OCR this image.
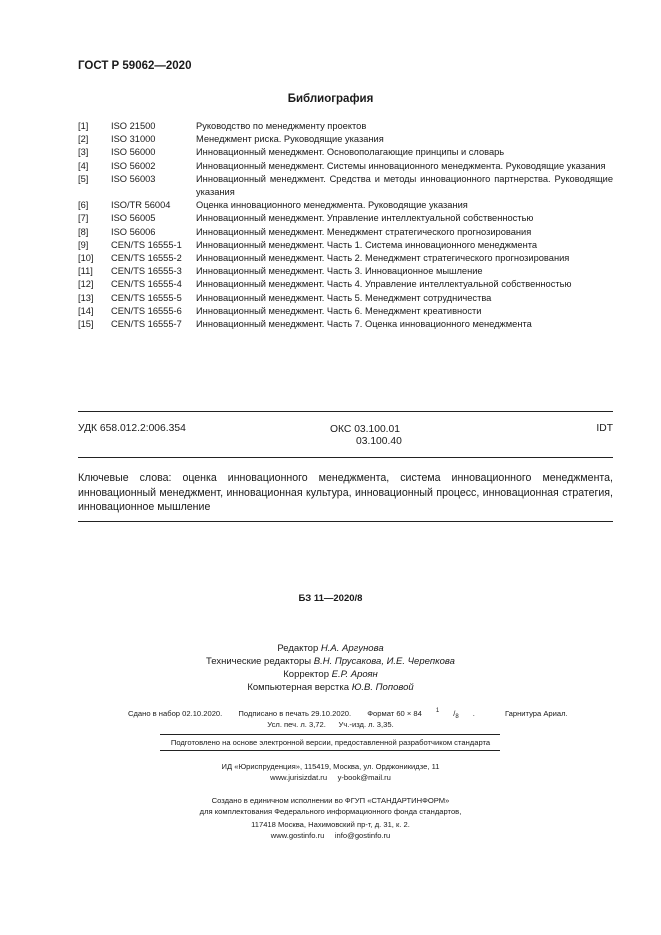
ГОСТ Р 59062—2020
Библиография
[1]	ISO 21500	Руководство по менеджменту проектов
[2]	ISO 31000	Менеджмент риска. Руководящие указания
[3]	ISO 56000	Инновационный менеджмент. Основополагающие принципы и словарь
[4]	ISO 56002	Инновационный менеджмент. Системы инновационного менеджмента. Руководящие указания
[5]	ISO 56003	Инновационный менеджмент. Средства и методы инновационного партнерства. Руководящие указания
[6]	ISO/TR 56004	Оценка инновационного менеджмента. Руководящие указания
[7]	ISO 56005	Инновационный менеджмент. Управление интеллектуальной собственностью
[8]	ISO 56006	Инновационный менеджмент. Менеджмент стратегического прогнозирования
[9]	CEN/TS 16555-1	Инновационный менеджмент. Часть 1. Система инновационного менеджмента
[10]	CEN/TS 16555-2	Инновационный менеджмент. Часть 2. Менеджмент стратегического прогнозирования
[11]	CEN/TS 16555-3	Инновационный менеджмент. Часть 3. Инновационное мышление
[12]	CEN/TS 16555-4	Инновационный менеджмент. Часть 4. Управление интеллектуальной собственностью
[13]	CEN/TS 16555-5	Инновационный менеджмент. Часть 5. Менеджмент сотрудничества
[14]	CEN/TS 16555-6	Инновационный менеджмент. Часть 6. Менеджмент креативности
[15]	CEN/TS 16555-7	Инновационный менеджмент. Часть 7. Оценка инновационного менеджмента
УДК 658.012.2:006.354	ОКС 03.100.01
03.100.40
IDT
Ключевые слова: оценка инновационного менеджмента, система инновационного менеджмента, инновационный менеджмент, инновационная культура, инновационный процесс, инновационная стратегия, инновационное мышление
БЗ 11—2020/8
Редактор Н.А. Аргунова
Технические редакторы В.Н. Прусакова, И.Е. Черепкова
Корректор Е.Р. Ароян
Компьютерная верстка Ю.В. Поповой
Сдано в набор 02.10.2020. Подписано в печать 29.10.2020. Формат 60 × 84 $^1$ $/_8$ .	Гарнитура Ариал.
Усл. печ. л. 3,72. Уч.-изд. л. 3,35.
Подготовлено на основе электронной версии, предоставленной разработчиком стандарта
ИД «Юриспруденция», 115419, Москва, ул. Орджоникидзе, 11
www.jurisizdat.ru     y-book@mail.ru
Создано в единичном исполнении во ФГУП «СТАНДАРТИНФОРМ»
для комплектования Федерального информационного фонда стандартов,
117418 Москва, Нахимовский пр-т, д. 31, к. 2.
www.gostinfo.ru     info@gostinfo.ru
